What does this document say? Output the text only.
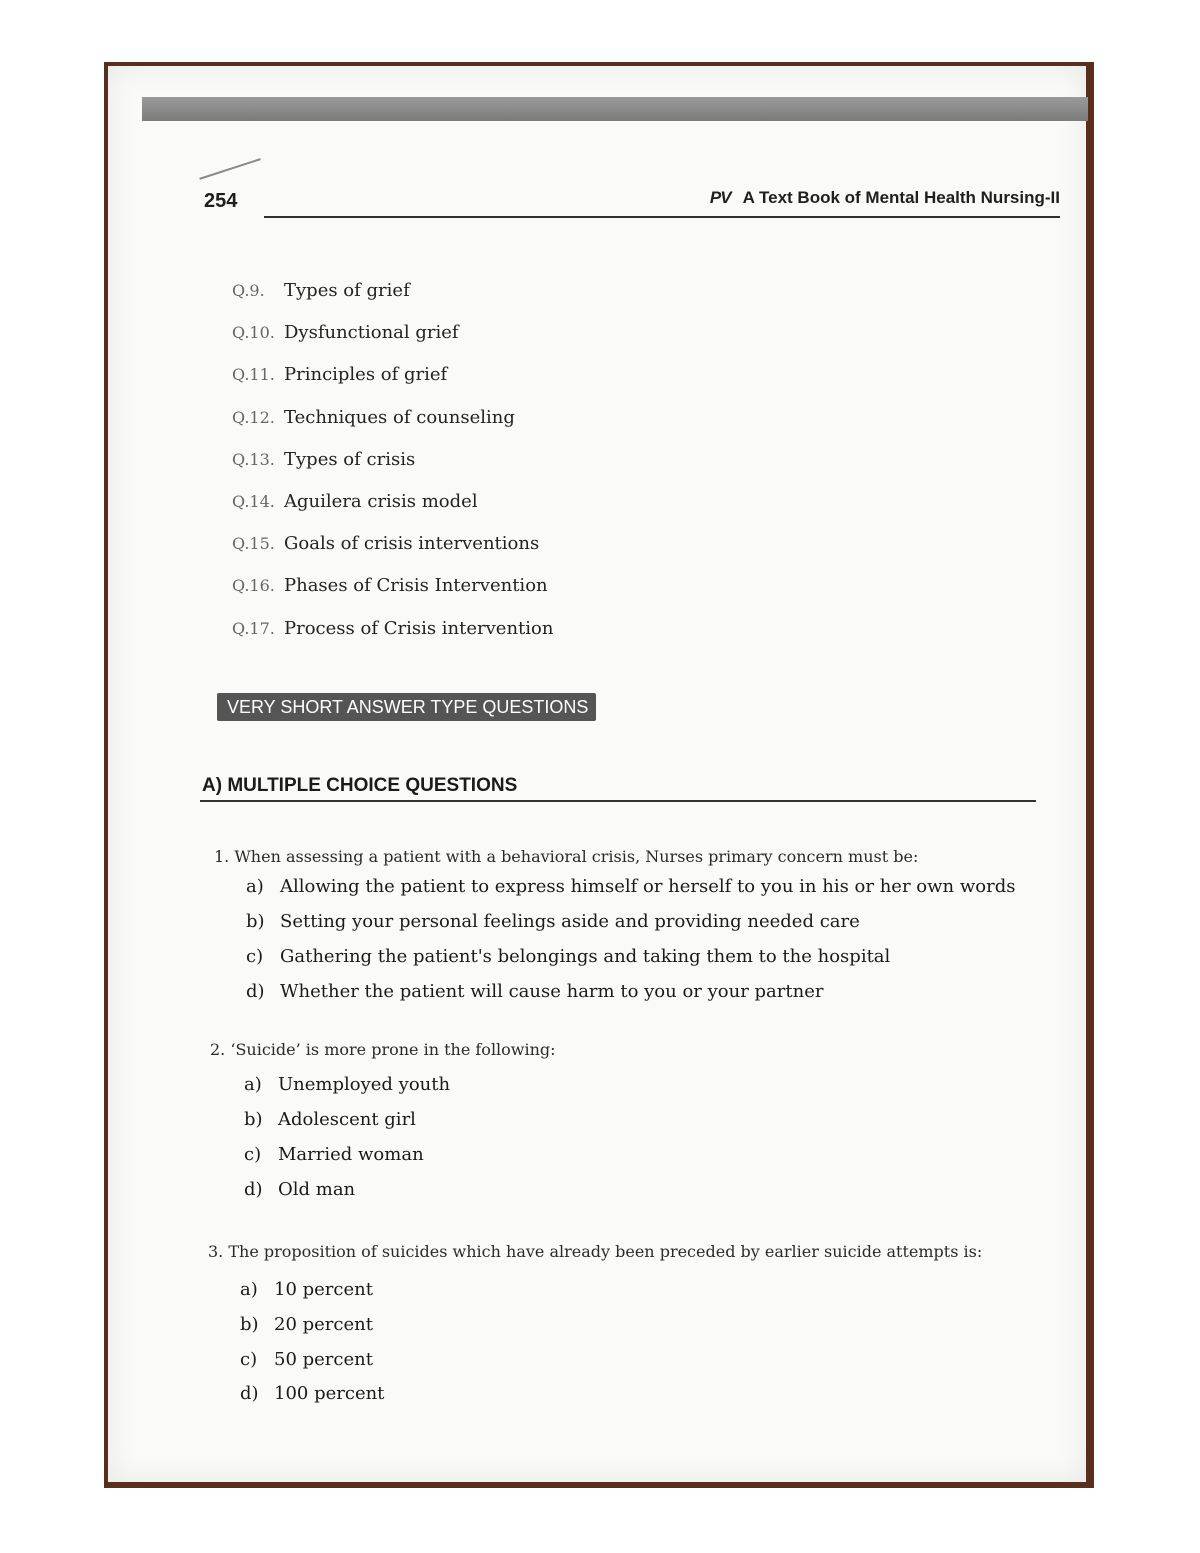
254	PV A Text Book of Mental Health Nursing-II
Q.9. Types of grief
Q.10. Dysfunctional grief
Q.11. Principles of grief
Q.12. Techniques of counseling
Q.13. Types of crisis
Q.14. Aguilera crisis model
Q.15. Goals of crisis interventions
Q.16. Phases of Crisis Intervention
Q.17. Process of Crisis intervention
VERY SHORT ANSWER TYPE QUESTIONS
A) MULTIPLE CHOICE QUESTIONS
1. When assessing a patient with a behavioral crisis, Nurses primary concern must be:
a) Allowing the patient to express himself or herself to you in his or her own words
b) Setting your personal feelings aside and providing needed care
c) Gathering the patient's belongings and taking them to the hospital
d) Whether the patient will cause harm to you or your partner
2. ‘Suicide’ is more prone in the following:
a) Unemployed youth
b) Adolescent girl
c) Married woman
d) Old man
3. The proposition of suicides which have already been preceded by earlier suicide attempts is:
a) 10 percent
b) 20 percent
c) 50 percent
d) 100 percent
